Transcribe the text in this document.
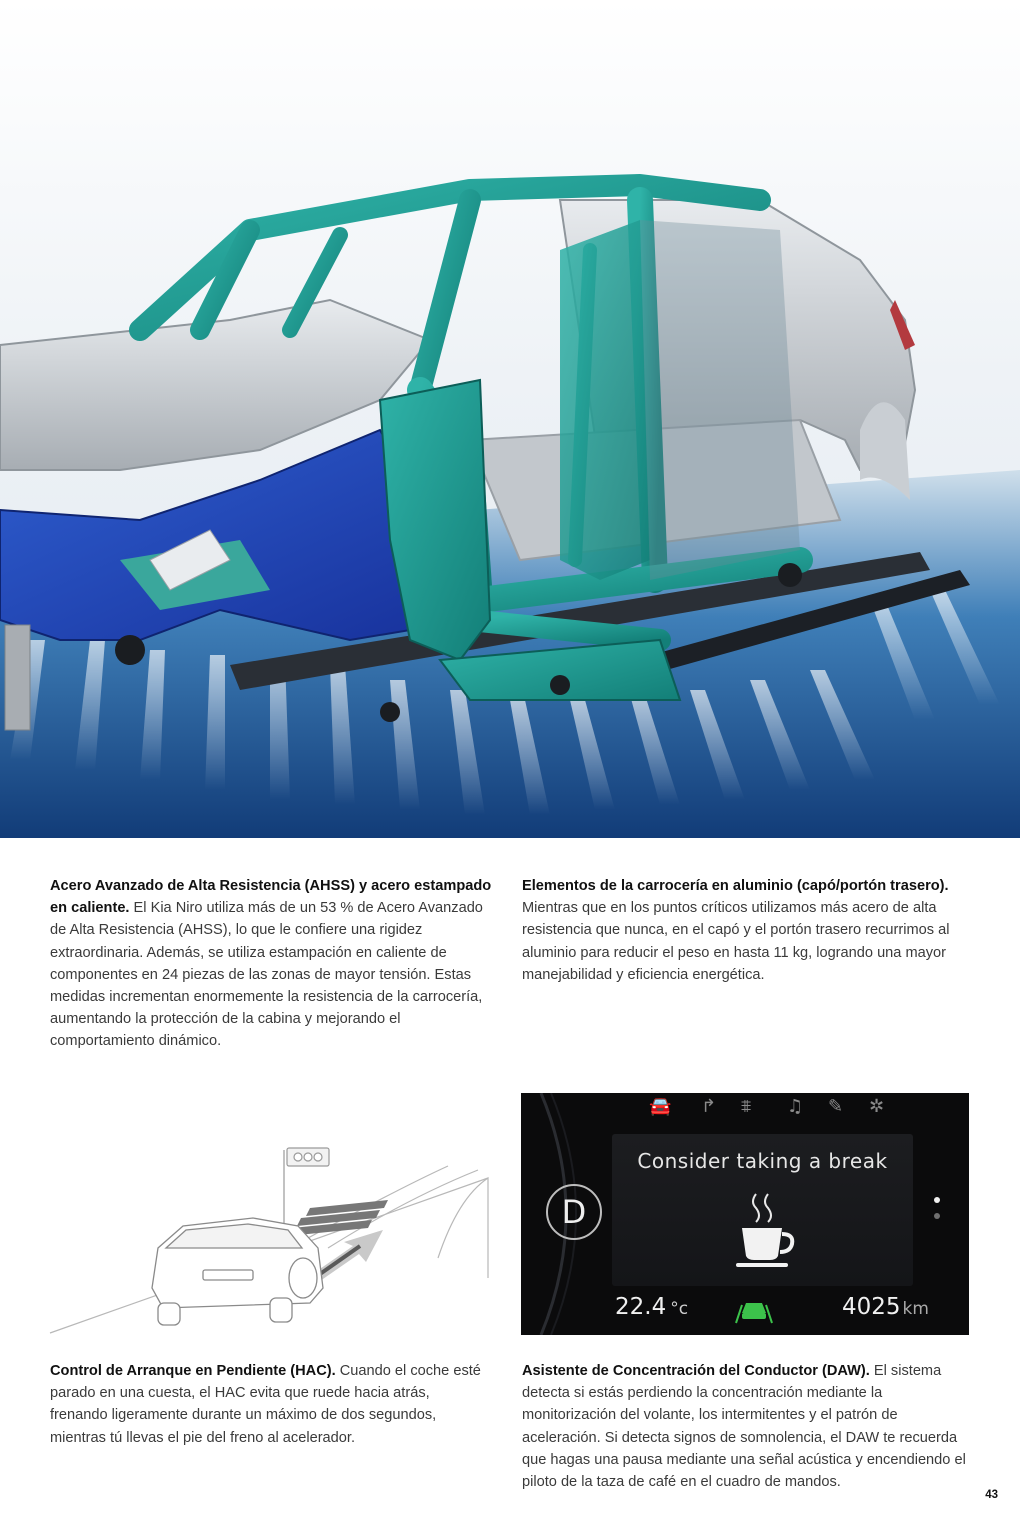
Acero Avanzado de Alta Resistencia (AHSS) y acero estampado en caliente. El Kia Niro utiliza más de un 53 % de Acero Avanzado de Alta Resistencia (AHSS), lo que le confiere una rigidez extraordinaria. Además, se utiliza estampación en caliente de componentes en 24 piezas de las zonas de mayor tensión. Estas medidas incrementan enormemente la resistencia de la carrocería, aumentando la protección de la cabina y mejorando el comportamiento dinámico.
Elementos de la carrocería en aluminio (capó/portón trasero). Mientras que en los puntos críticos utilizamos más acero de alta resistencia que nunca, en el capó y el portón trasero recurrimos al aluminio para reducir el peso en hasta 11 kg, logrando una mayor manejabilidad y eficiencia energética.
🚘 ↱ ⩨ ♫ ✎ ✲
D
Consider taking a break
22.4 °c	4025 km
Control de Arranque en Pendiente (HAC). Cuando el coche esté parado en una cuesta, el HAC evita que ruede hacia atrás, frenando ligeramente durante un máximo de dos segundos, mientras tú llevas el pie del freno al acelerador.
Asistente de Concentración del Conductor (DAW). El sistema detecta si estás perdiendo la concentración mediante la monitorización del volante, los intermitentes y el patrón de aceleración. Si detecta signos de somnolencia, el DAW te recuerda que hagas una pausa mediante una señal acústica y encendiendo el piloto de la taza de café en el cuadro de mandos.
43
